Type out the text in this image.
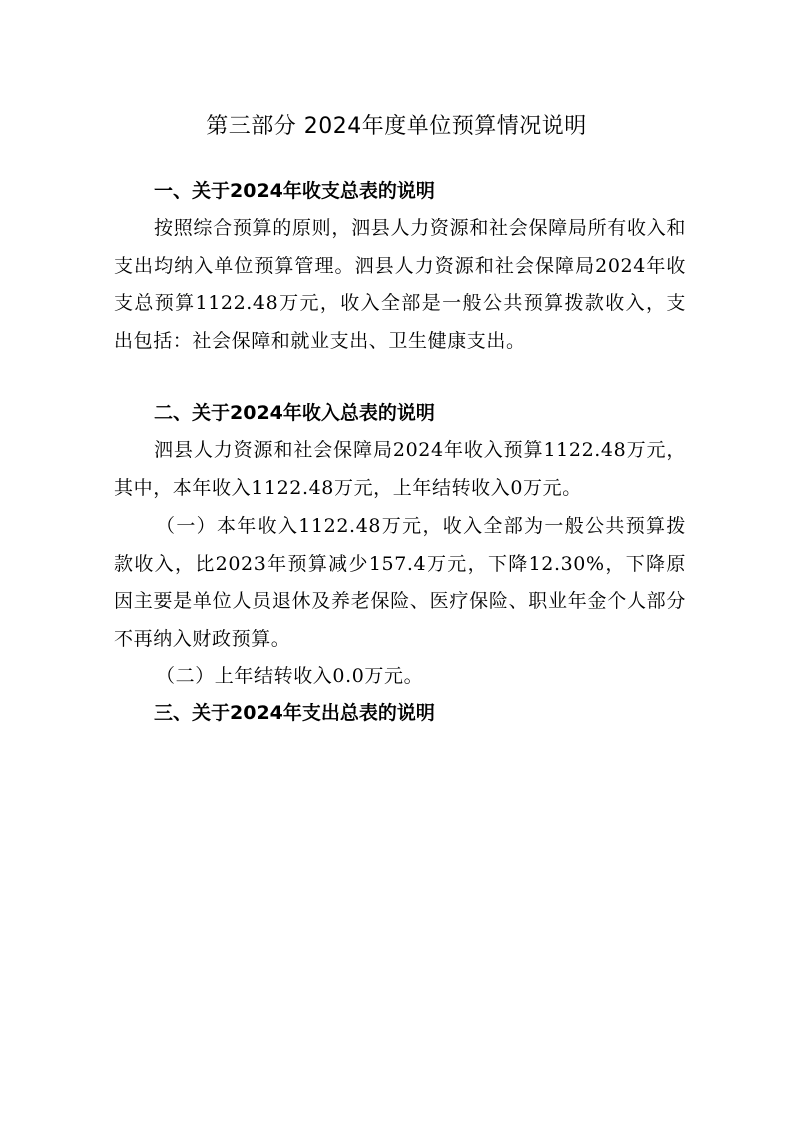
第三部分 2024年度单位预算情况说明
一、关于2024年收支总表的说明

按照综合预算的原则，泗县人力资源和社会保障局所有收入和支出均纳入单位预算管理。泗县人力资源和社会保障局2024年收支总预算1122.48万元，收入全部是一般公共预算拨款收入，支出包括：社会保障和就业支出、卫生健康支出。

二、关于2024年收入总表的说明

泗县人力资源和社会保障局2024年收入预算1122.48万元，其中，本年收入1122.48万元，上年结转收入0万元。

（一）本年收入1122.48万元，收入全部为一般公共预算拨款收入，比2023年预算减少157.4万元，下降12.30%，下降原因主要是单位人员退休及养老保险、医疗保险、职业年金个人部分不再纳入财政预算。

（二）上年结转收入0.0万元。

三、关于2024年支出总表的说明
